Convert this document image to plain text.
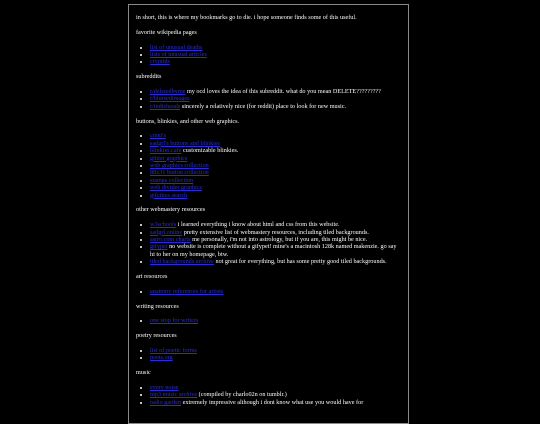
in short, this is where my bookmarks go to die. i hope someone finds some of this useful.

favorite wikipedia pages

• list of unusual deaths
• lists of unusual articles
• cryptids

subreddits

• r/deletedbyme my ocd loves the idea of this subreddit. what do you mean DELETE?????????
• r/blursedimages
• r/indieheads sincerely a relatively nice (for reddit) place to look for new music.

buttons, blinkies, and other web graphics.

• cinni's
• sadgrl's buttons and blinkies
• blinkies.cafe customizable blinkies.
• glitter graphics
• web graphics collection
• 88x31 button collection
• stamps collection
• web divider graphics
• gifcities search

other webmastery resources

• w3schools i learned everything i know about html and css from this website.
• sadgrl.online pretty extensive list of webmastery resources, including tiled backgrounds.
• astro.com charts me personally, i'm not into astrology, but if you are, this might be nice.
• gifypet no website is complete without a gifypet! mine's a macintosh 128k named makenzie. go say hi to her on my homepage, btw.
• tiled backgrounds archive not great for everything, but has some pretty good tiled backgrounds.

art resources

• anatomy references for artists

writing resources

• one stop for writers

poetry resources

• list of poetic forms
• poets.org

music

• every noise
• mp3 music archive (compiled by charlo02n on tumblr.)
• radio garden extremely impressive although i dont know what use you would have for
